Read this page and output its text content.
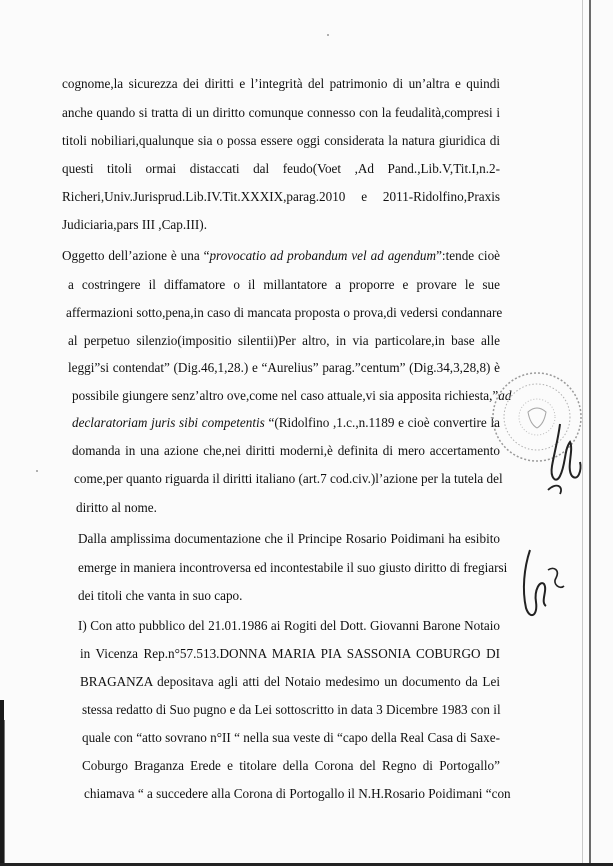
cognome,la sicurezza dei diritti e l’integrità del patrimonio di un’altra e quindi
anche quando si tratta di un diritto comunque connesso con la feudalità,compresi i
titoli nobiliari,qualunque sia o possa essere oggi considerata la natura giuridica di
questi titoli ormai distaccati dal feudo(Voet ,Ad Pand.,Lib.V,Tit.I,n.2-
Richeri,Univ.Jurisprud.Lib.IV.Tit.XXXIX,parag.2010 e 2011-Ridolfino,Praxis
Judiciaria,pars III ,Cap.III).
Oggetto dell’azione è una “provocatio ad probandum vel ad agendum”:tende cioè
a costringere il diffamatore o il millantatore a proporre e provare le sue
affermazioni sotto,pena,in caso di mancata proposta o prova,di vedersi condannare
al perpetuo silenzio(impositio silentii)Per altro, in via particolare,in base alle
leggi”si contendat” (Dig.46,1,28.) e “Aurelius” parag.”centum” (Dig.34,3,28,8) è
possibile giungere senz’altro ove,come nel caso attuale,vi sia apposita richiesta,”ad
declaratoriam juris sibi competentis “(Ridolfino ,1.c.,n.1189 e cioè convertire la
domanda in una azione che,nei diritti moderni,è definita di mero accertamento
come,per quanto riguarda il diritti italiano (art.7 cod.civ.)l’azione per la tutela del
diritto al nome.
Dalla amplissima documentazione che il Principe Rosario Poidimani ha esibito
emerge in maniera incontroversa ed incontestabile il suo giusto diritto di fregiarsi
dei titoli che vanta in suo capo.
I) Con atto pubblico del 21.01.1986 ai Rogiti del Dott. Giovanni Barone Notaio
in Vicenza Rep.n°57.513.DONNA MARIA PIA SASSONIA COBURGO DI
BRAGANZA depositava agli atti del Notaio medesimo un documento da Lei
stessa redatto di Suo pugno e da Lei sottoscritto in data 3 Dicembre 1983 con il
quale con “atto sovrano n°II “ nella sua veste di “capo della Real Casa di Saxe-
Coburgo Braganza Erede e titolare della Corona del Regno di Portogallo”
chiamava “ a succedere alla Corona di Portogallo il N.H.Rosario Poidimani “con
